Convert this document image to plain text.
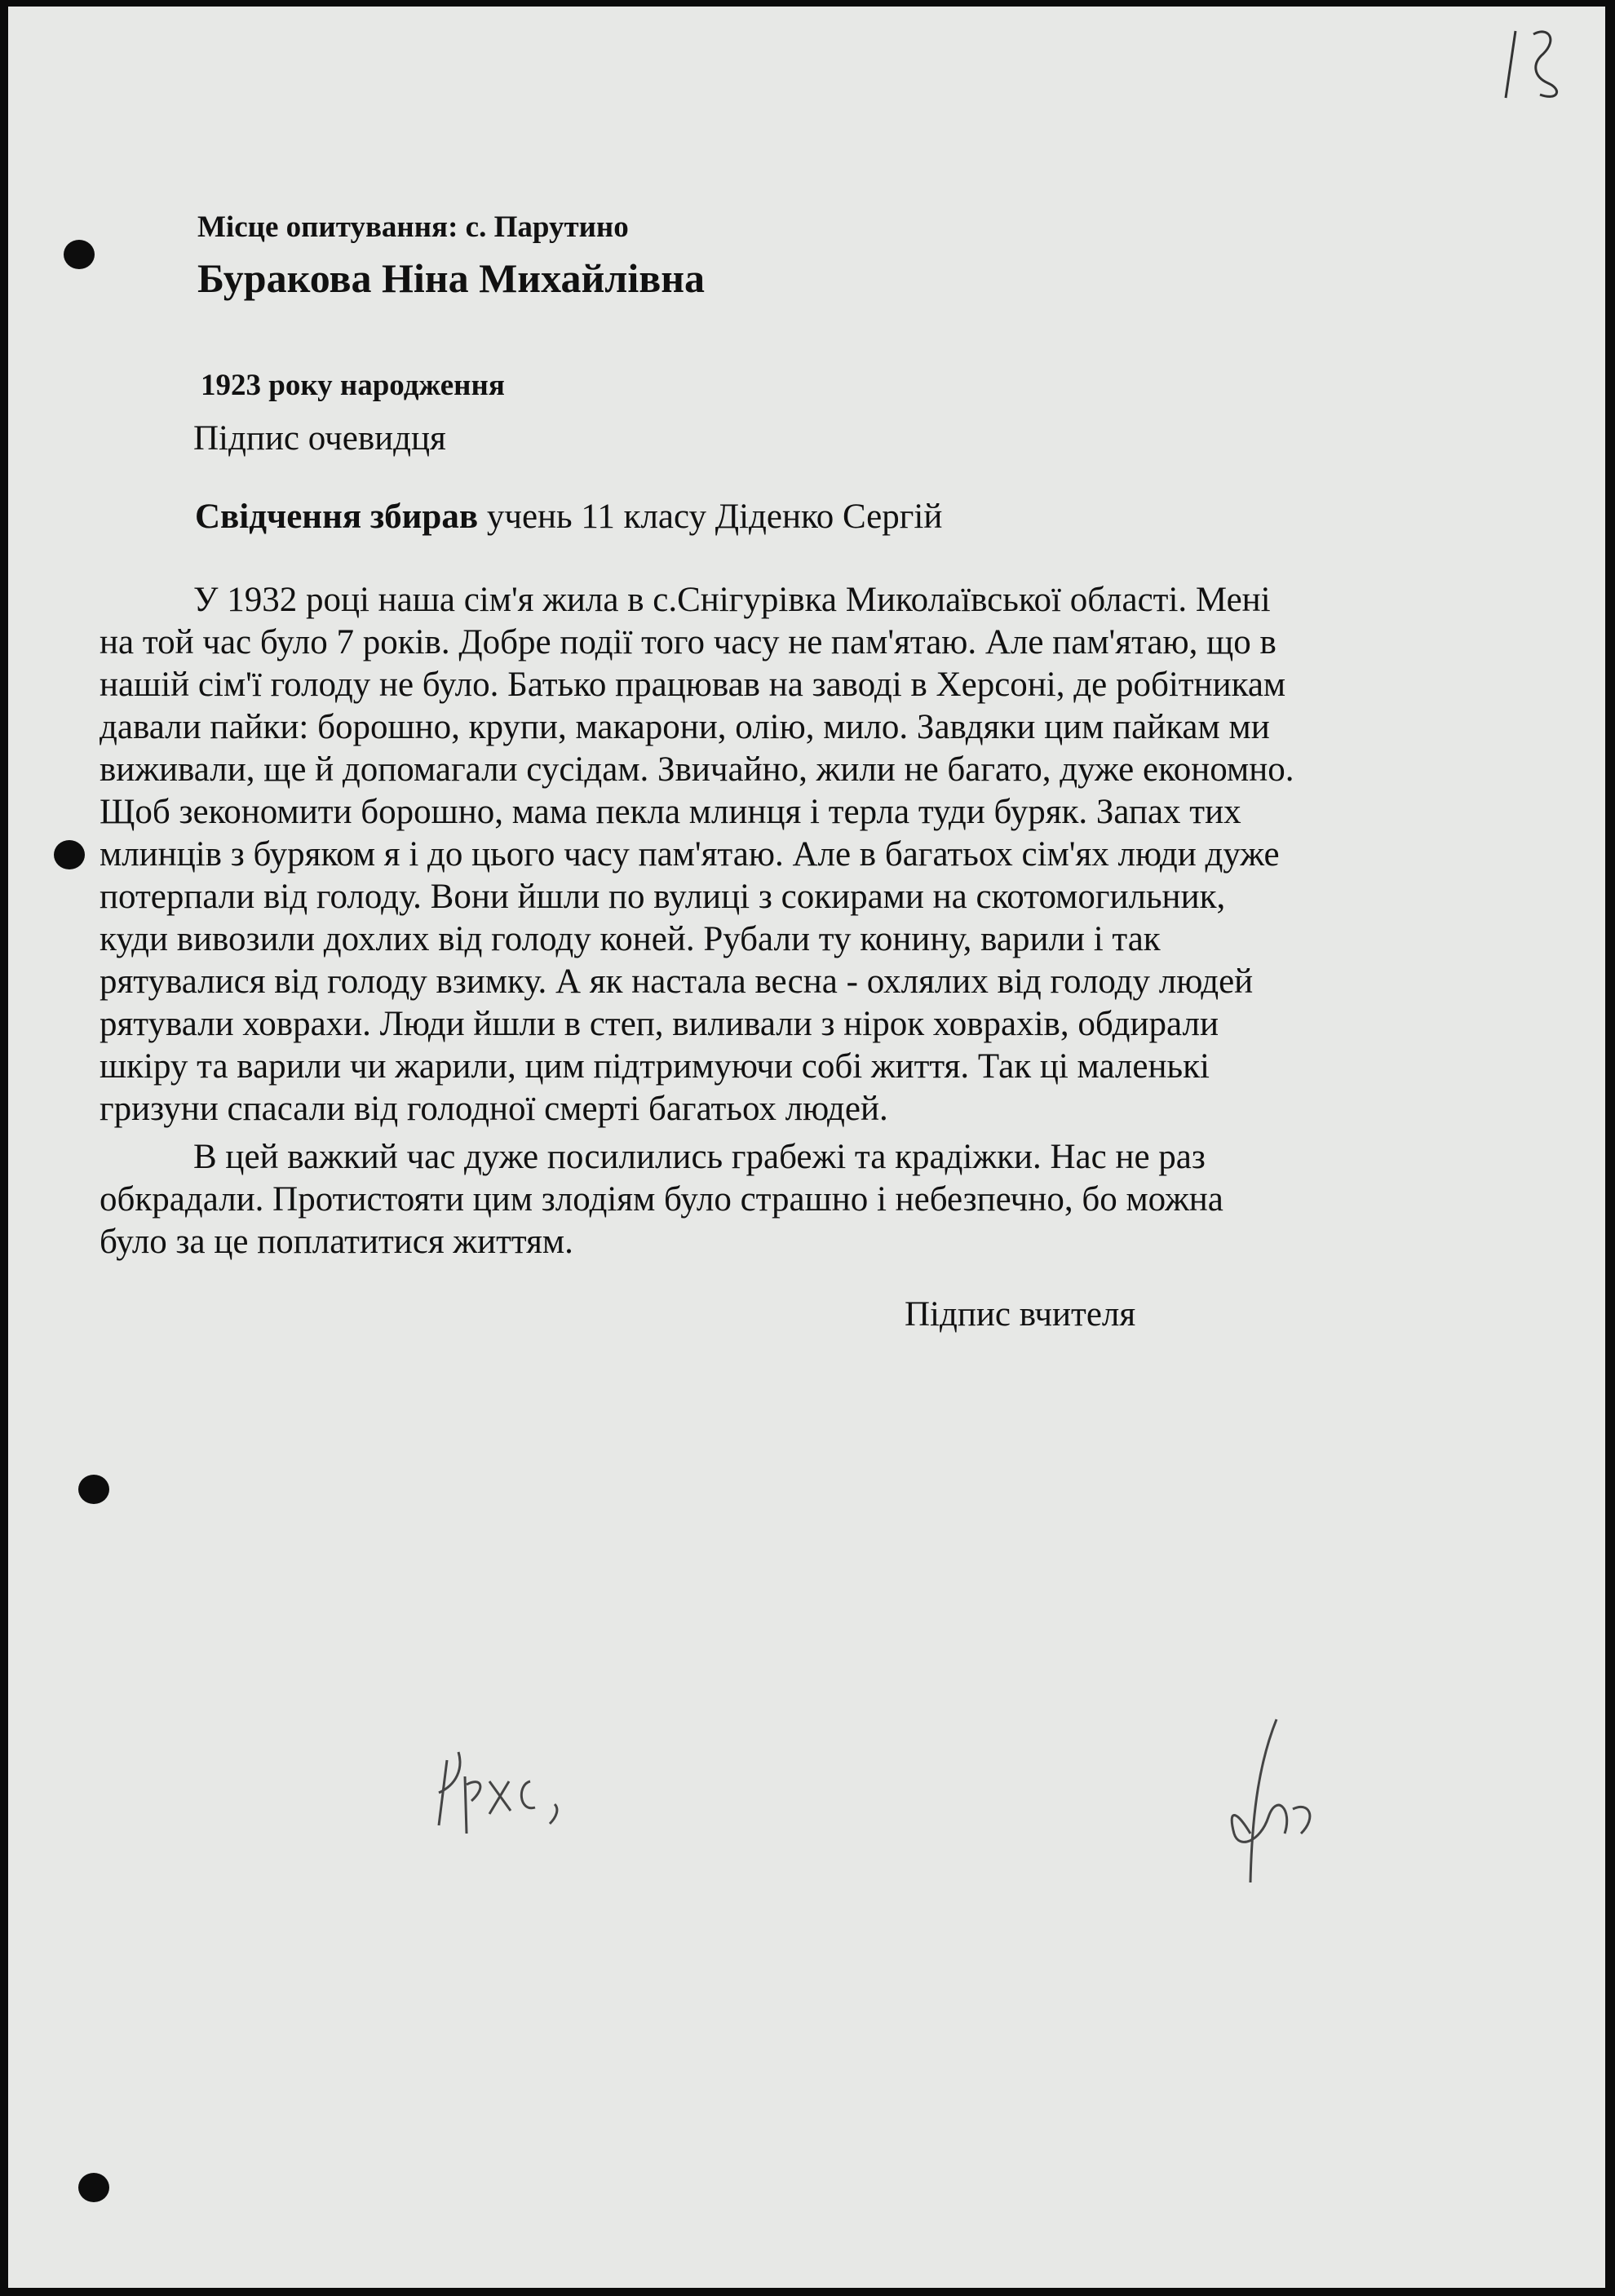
Місце опитування: с. Парутино
Буракова Ніна Михайлівна
1923 року народження
Підпис очевидця
Свідчення збирав учень 11 класу Діденко Сергій
У 1932 році наша сім'я жила в с.Снігурівка Миколаївської області. Мені
на той час було 7 років. Добре події того часу не пам'ятаю. Але пам'ятаю, що в
нашій сім'ї голоду не було. Батько працював на заводі в Херсоні, де робітникам
давали пайки: борошно, крупи, макарони, олію, мило. Завдяки цим пайкам ми
виживали, ще й допомагали сусідам. Звичайно, жили не багато, дуже економно.
Щоб зекономити борошно, мама пекла млинця і терла туди буряк. Запах тих
млинців з буряком я і до цього часу пам'ятаю. Але в багатьох сім'ях люди дуже
потерпали від голоду. Вони йшли по вулиці з сокирами на скотомогильник,
куди вивозили дохлих від голоду коней. Рубали ту конину, варили і так
рятувалися від голоду взимку. А як настала весна - охлялих від голоду людей
рятували ховрахи. Люди йшли в степ, виливали з нірок ховрахів, обдирали
шкіру та варили чи жарили, цим підтримуючи собі життя. Так ці маленькі
гризуни спасали від голодної смерті багатьох людей.
В цей важкий час дуже посилились грабежі та крадіжки. Нас не раз
обкрадали. Протистояти цим злодіям було страшно і небезпечно, бо можна
було за це поплатитися життям.
Підпис вчителя
